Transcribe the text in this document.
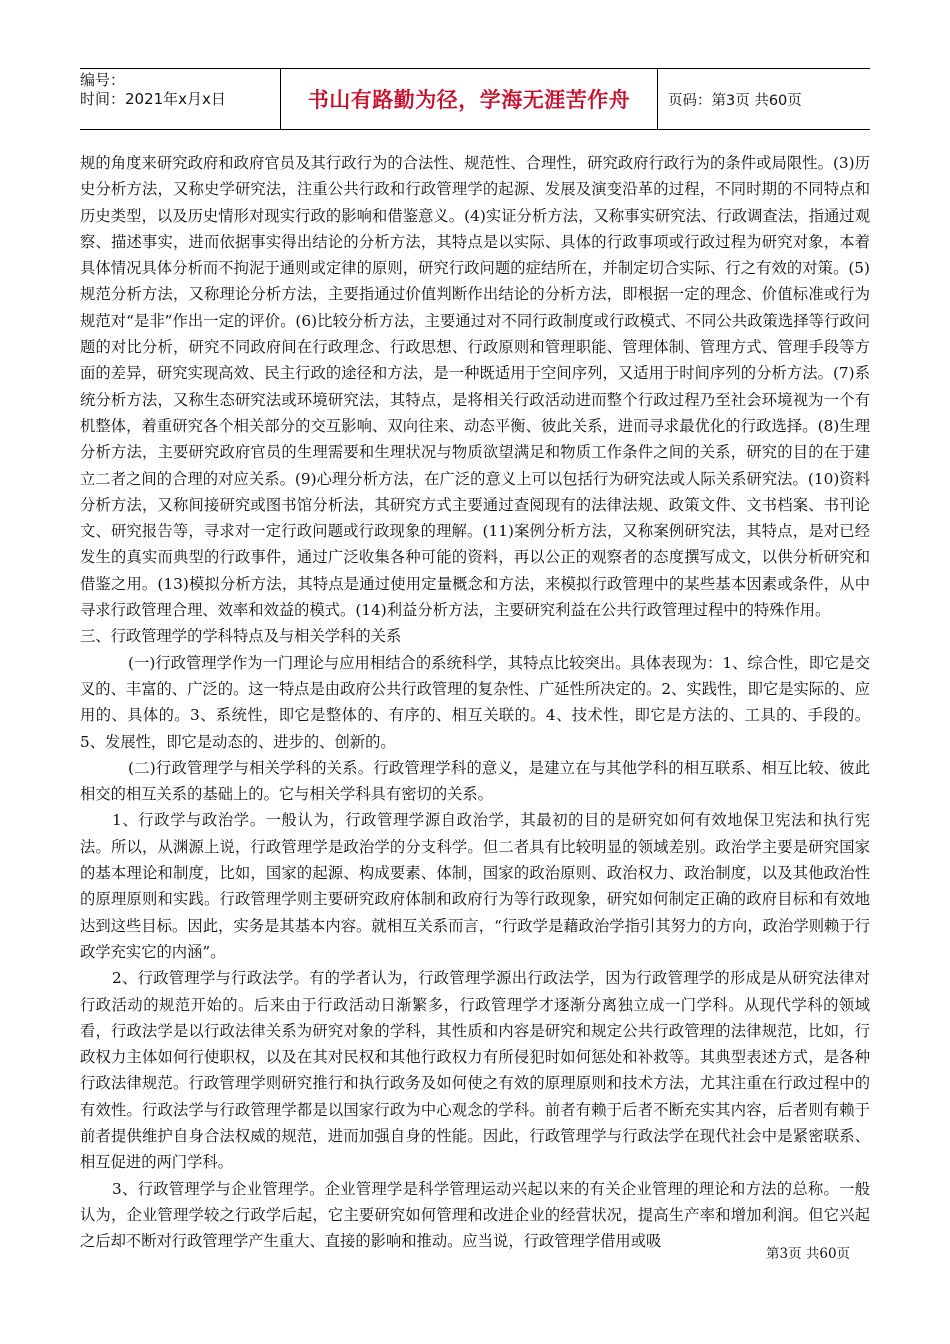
编号：
时间：2021年x月x日	书山有路勤为径，学海无涯苦作舟	页码：第3页 共60页

规的角度来研究政府和政府官员及其行政行为的合法性、规范性、合理性，研究政府行政行为的条件或局限性。(3)历史分析方法，又称史学研究法，注重公共行政和行政管理学的起源、发展及演变沿革的过程，不同时期的不同特点和历史类型，以及历史情形对现实行政的影响和借鉴意义。(4)实证分析方法，又称事实研究法、行政调查法，指通过观察、描述事实，进而依据事实得出结论的分析方法，其特点是以实际、具体的行政事项或行政过程为研究对象，本着具体情况具体分析而不拘泥于通则或定律的原则，研究行政问题的症结所在，并制定切合实际、行之有效的对策。(5)规范分析方法，又称理论分析方法，主要指通过价值判断作出结论的分析方法，即根据一定的理念、价值标准或行为规范对“是非”作出一定的评价。(6)比较分析方法，主要通过对不同行政制度或行政模式、不同公共政策选择等行政问题的对比分析，研究不同政府间在行政理念、行政思想、行政原则和管理职能、管理体制、管理方式、管理手段等方面的差异，研究实现高效、民主行政的途径和方法，是一种既适用于空间序列，又适用于时间序列的分析方法。(7)系统分析方法，又称生态研究法或环境研究法，其特点，是将相关行政活动进而整个行政过程乃至社会环境视为一个有机整体，着重研究各个相关部分的交互影响、双向往来、动态平衡、彼此关系，进而寻求最优化的行政选择。(8)生理分析方法，主要研究政府官员的生理需要和生理状况与物质欲望满足和物质工作条件之间的关系，研究的目的在于建立二者之间的合理的对应关系。(9)心理分析方法，在广泛的意义上可以包括行为研究法或人际关系研究法。(10)资料分析方法，又称间接研究或图书馆分析法，其研究方式主要通过查阅现有的法律法规、政策文件、文书档案、书刊论文、研究报告等，寻求对一定行政问题或行政现象的理解。(11)案例分析方法，又称案例研究法，其特点，是对已经发生的真实而典型的行政事件，通过广泛收集各种可能的资料，再以公正的观察者的态度撰写成文，以供分析研究和借鉴之用。(13)模拟分析方法，其特点是通过使用定量概念和方法，来模拟行政管理中的某些基本因素或条件，从中寻求行政管理合理、效率和效益的模式。(14)利益分析方法，主要研究利益在公共行政管理过程中的特殊作用。

三、行政管理学的学科特点及与相关学科的关系

(一)行政管理学作为一门理论与应用相结合的系统科学，其特点比较突出。具体表现为：1、综合性，即它是交叉的、丰富的、广泛的。这一特点是由政府公共行政管理的复杂性、广延性所决定的。2、实践性，即它是实际的、应用的、具体的。3、系统性，即它是整体的、有序的、相互关联的。4、技术性，即它是方法的、工具的、手段的。5、发展性，即它是动态的、进步的、创新的。

(二)行政管理学与相关学科的关系。行政管理学科的意义，是建立在与其他学科的相互联系、相互比较、彼此相交的相互关系的基础上的。它与相关学科具有密切的关系。

1、行政学与政治学。一般认为，行政管理学源自政治学，其最初的目的是研究如何有效地保卫宪法和执行宪法。所以，从渊源上说，行政管理学是政治学的分支科学。但二者具有比较明显的领域差别。政治学主要是研究国家的基本理论和制度，比如，国家的起源、构成要素、体制，国家的政治原则、政治权力、政治制度，以及其他政治性的原理原则和实践。行政管理学则主要研究政府体制和政府行为等行政现象，研究如何制定正确的政府目标和有效地达到这些目标。因此，实务是其基本内容。就相互关系而言，“行政学是藉政治学指引其努力的方向，政治学则赖于行政学充实它的内涵”。

2、行政管理学与行政法学。有的学者认为，行政管理学源出行政法学，因为行政管理学的形成是从研究法律对行政活动的规范开始的。后来由于行政活动日渐繁多，行政管理学才逐渐分离独立成一门学科。从现代学科的领域看，行政法学是以行政法律关系为研究对象的学科，其性质和内容是研究和规定公共行政管理的法律规范，比如，行政权力主体如何行使职权，以及在其对民权和其他行政权力有所侵犯时如何惩处和补救等。其典型表述方式，是各种行政法律规范。行政管理学则研究推行和执行政务及如何使之有效的原理原则和技术方法，尤其注重在行政过程中的有效性。行政法学与行政管理学都是以国家行政为中心观念的学科。前者有赖于后者不断充实其内容，后者则有赖于前者提供维护自身合法权威的规范，进而加强自身的性能。因此，行政管理学与行政法学在现代社会中是紧密联系、相互促进的两门学科。

3、行政管理学与企业管理学。企业管理学是科学管理运动兴起以来的有关企业管理的理论和方法的总称。一般认为，企业管理学较之行政学后起，它主要研究如何管理和改进企业的经营状况，提高生产率和增加利润。但它兴起之后却不断对行政管理学产生重大、直接的影响和推动。应当说，行政管理学借用或吸

第3页 共60页
